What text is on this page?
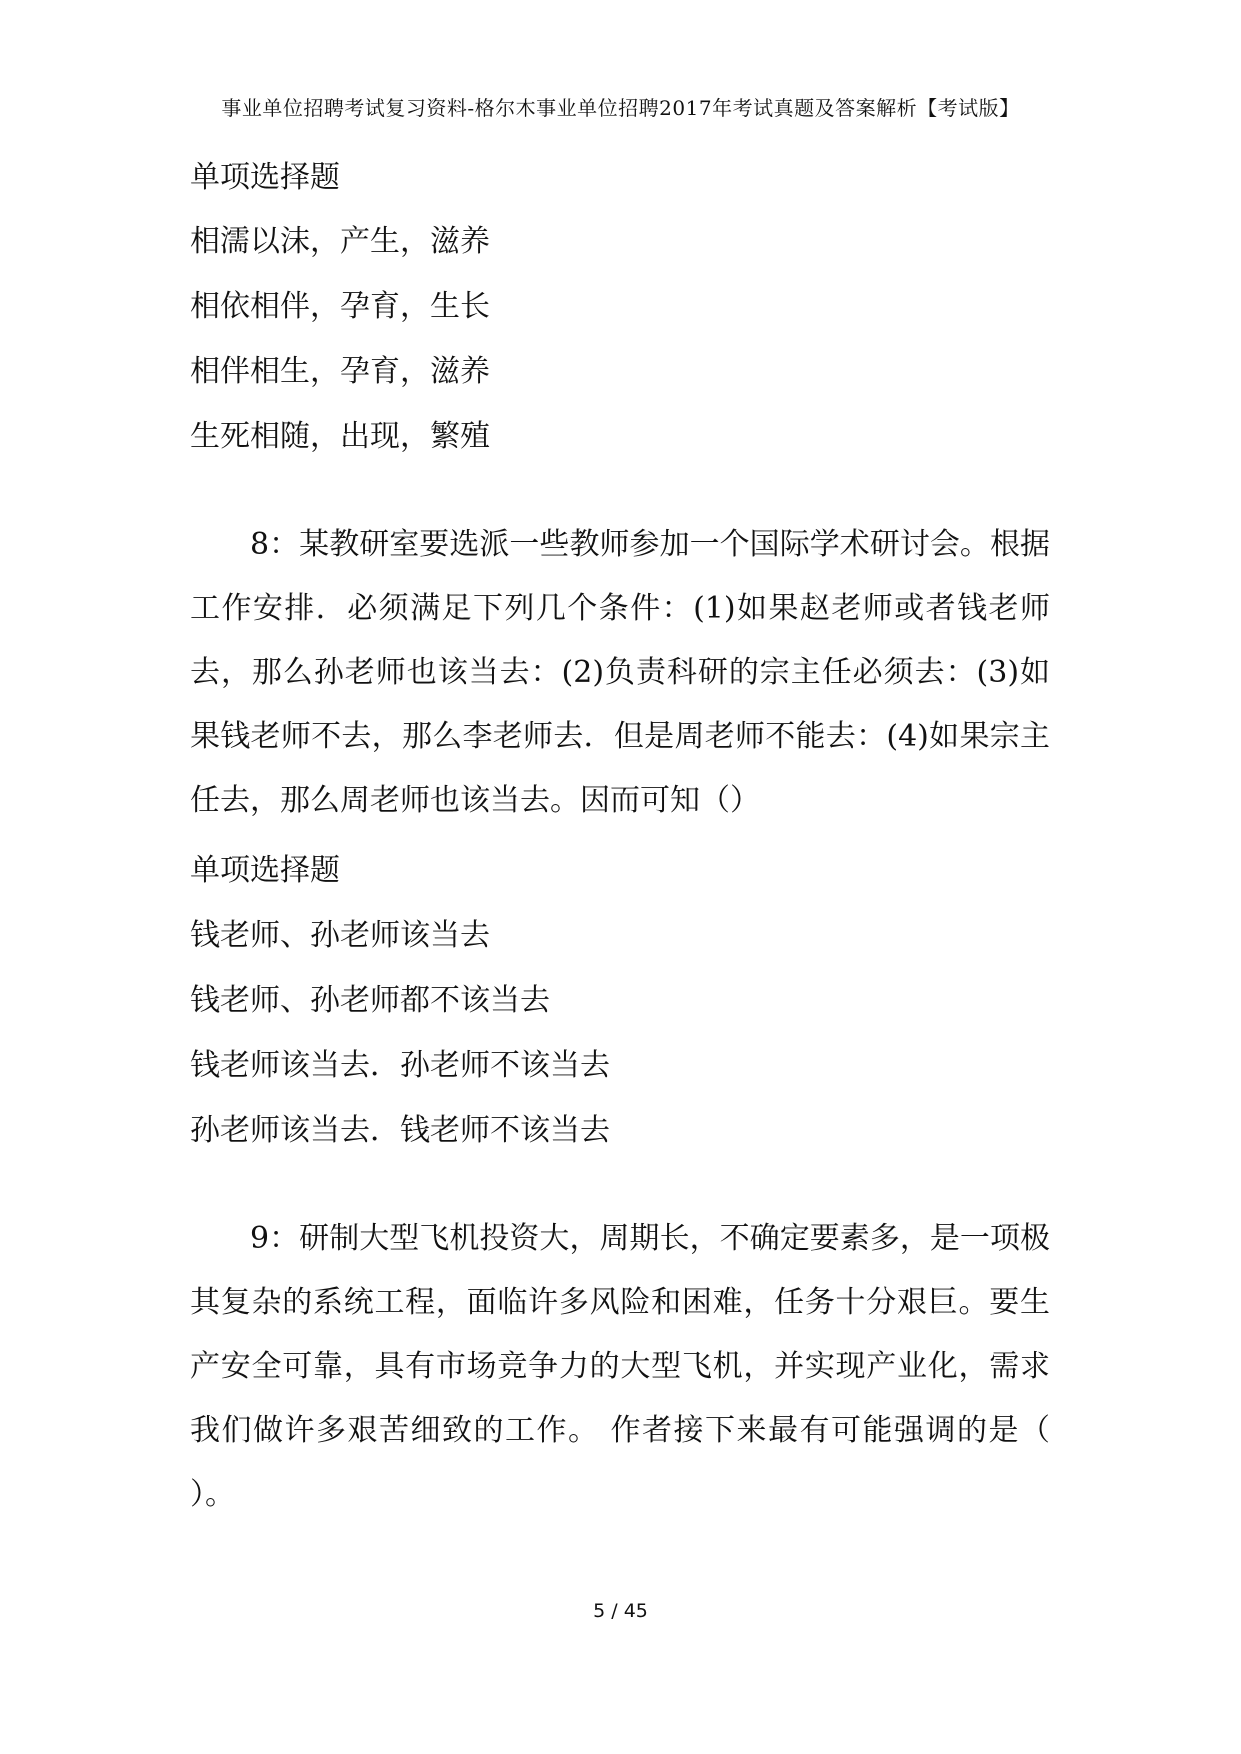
事业单位招聘考试复习资料-格尔木事业单位招聘2017年考试真题及答案解析【考试版】
单项选择题
相濡以沫，产生，滋养
相依相伴，孕育，生长
相伴相生，孕育，滋养
生死相随，出现，繁殖
8：某教研室要选派一些教师参加一个国际学术研讨会。根据工作安排．必须满足下列几个条件：(1)如果赵老师或者钱老师去，那么孙老师也该当去：(2)负责科研的宗主任必须去：(3)如果钱老师不去，那么李老师去．但是周老师不能去：(4)如果宗主任去，那么周老师也该当去。因而可知（）
单项选择题
钱老师、孙老师该当去
钱老师、孙老师都不该当去
钱老师该当去．孙老师不该当去
孙老师该当去．钱老师不该当去
9：研制大型飞机投资大，周期长，不确定要素多，是一项极其复杂的系统工程，面临许多风险和困难，任务十分艰巨。要生产安全可靠，具有市场竞争力的大型飞机，并实现产业化，需求我们做许多艰苦细致的工作。 作者接下来最有可能强调的是（ ）。
5 / 45
